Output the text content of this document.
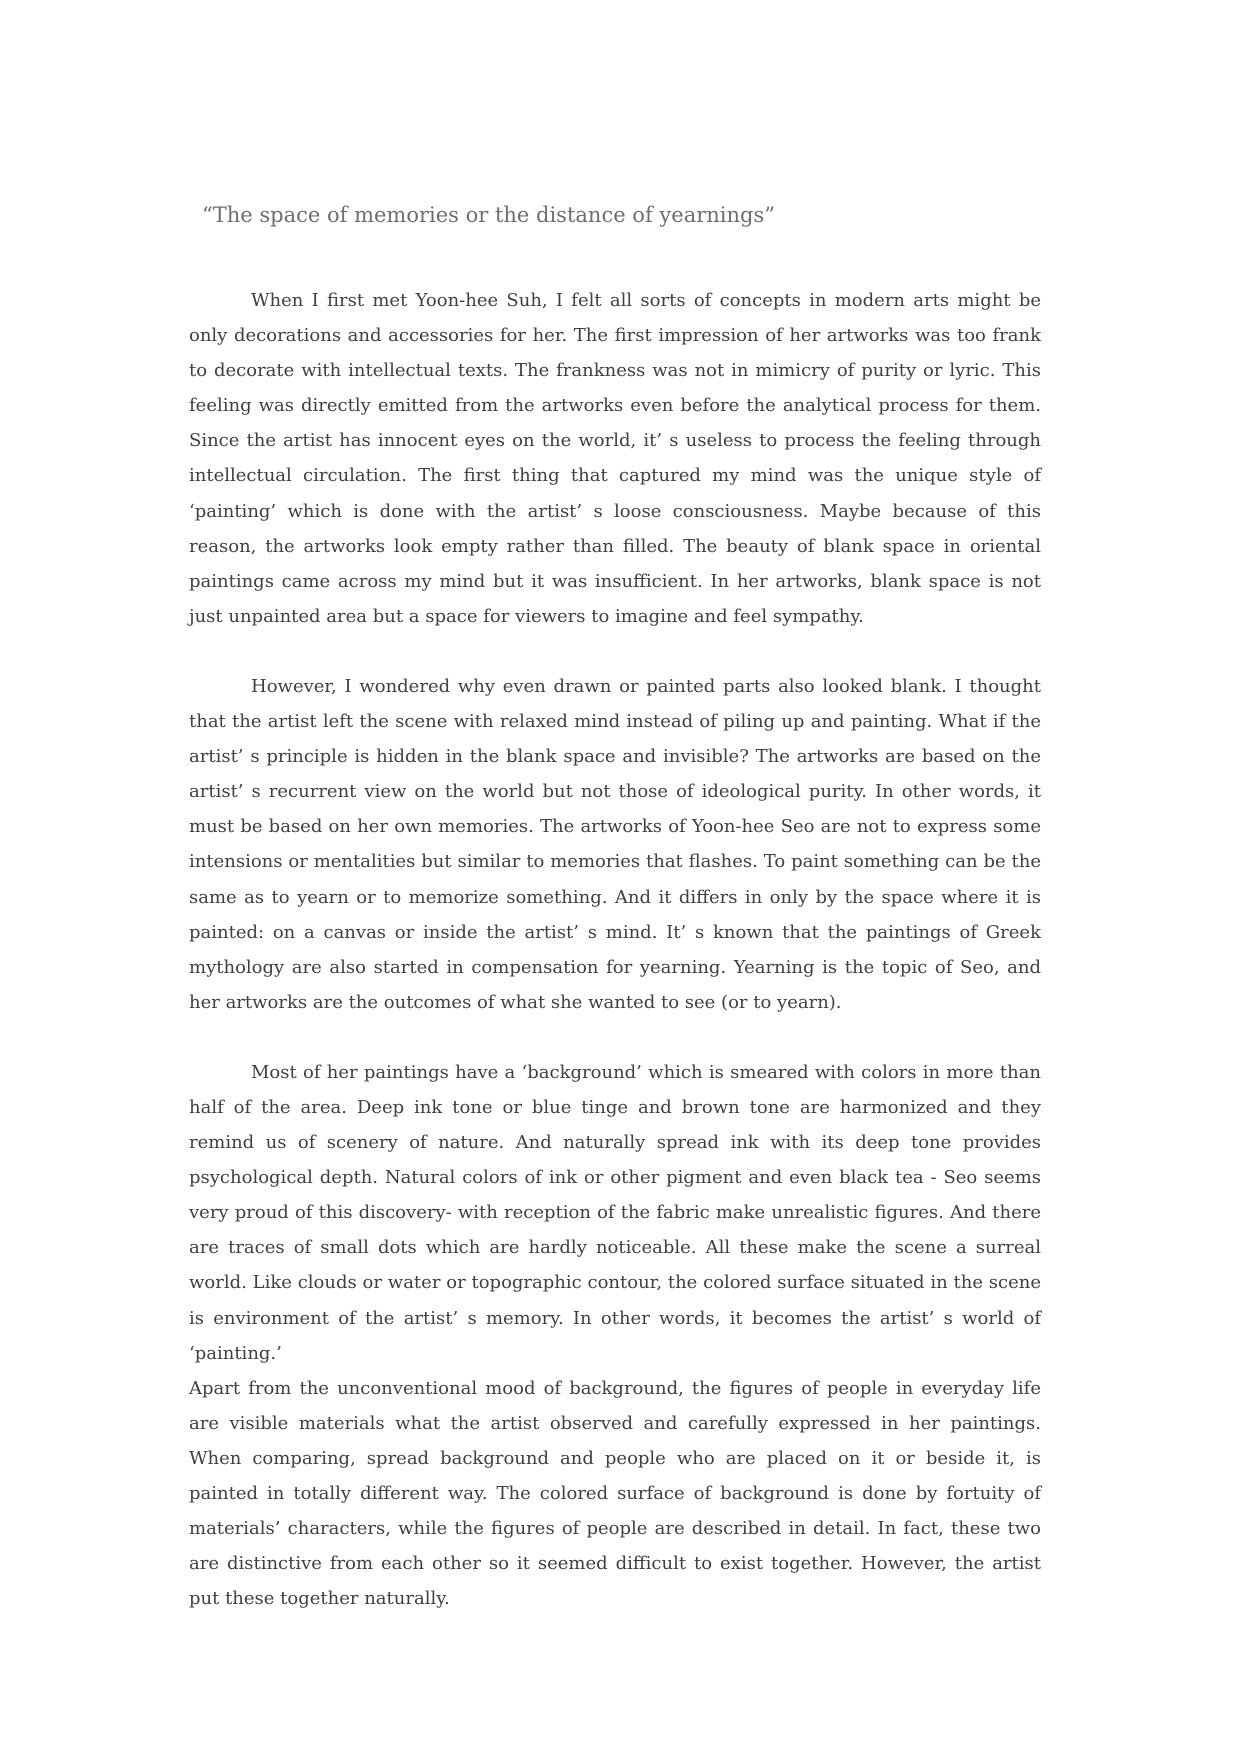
“The space of memories or the distance of yearnings”

When I first met Yoon-hee Suh, I felt all sorts of concepts in modern arts might be only decorations and accessories for her. The first impression of her artworks was too frank to decorate with intellectual texts. The frankness was not in mimicry of purity or lyric. This feeling was directly emitted from the artworks even before the analytical process for them. Since the artist has innocent eyes on the world, it’ s useless to process the feeling through intellectual circulation. The first thing that captured my mind was the unique style of ‘painting’ which is done with the artist’ s loose consciousness. Maybe because of this reason, the artworks look empty rather than filled. The beauty of blank space in oriental paintings came across my mind but it was insufficient. In her artworks, blank space is not just unpainted area but a space for viewers to imagine and feel sympathy.

However, I wondered why even drawn or painted parts also looked blank. I thought that the artist left the scene with relaxed mind instead of piling up and painting. What if the artist’ s principle is hidden in the blank space and invisible? The artworks are based on the artist’ s recurrent view on the world but not those of ideological purity. In other words, it must be based on her own memories. The artworks of Yoon-hee Seo are not to express some intensions or mentalities but similar to memories that flashes. To paint something can be the same as to yearn or to memorize something. And it differs in only by the space where it is painted: on a canvas or inside the artist’ s mind. It’ s known that the paintings of Greek mythology are also started in compensation for yearning. Yearning is the topic of Seo, and her artworks are the outcomes of what she wanted to see (or to yearn).

Most of her paintings have a ‘background’ which is smeared with colors in more than half of the area. Deep ink tone or blue tinge and brown tone are harmonized and they remind us of scenery of nature. And naturally spread ink with its deep tone provides psychological depth. Natural colors of ink or other pigment and even black tea - Seo seems very proud of this discovery- with reception of the fabric make unrealistic figures. And there are traces of small dots which are hardly noticeable. All these make the scene a surreal world. Like clouds or water or topographic contour, the colored surface situated in the scene is environment of the artist’ s memory. In other words, it becomes the artist’ s world of ‘painting.’

Apart from the unconventional mood of background, the figures of people in everyday life are visible materials what the artist observed and carefully expressed in her paintings. When comparing, spread background and people who are placed on it or beside it, is painted in totally different way. The colored surface of background is done by fortuity of materials’ characters, while the figures of people are described in detail. In fact, these two are distinctive from each other so it seemed difficult to exist together. However, the artist put these together naturally.
